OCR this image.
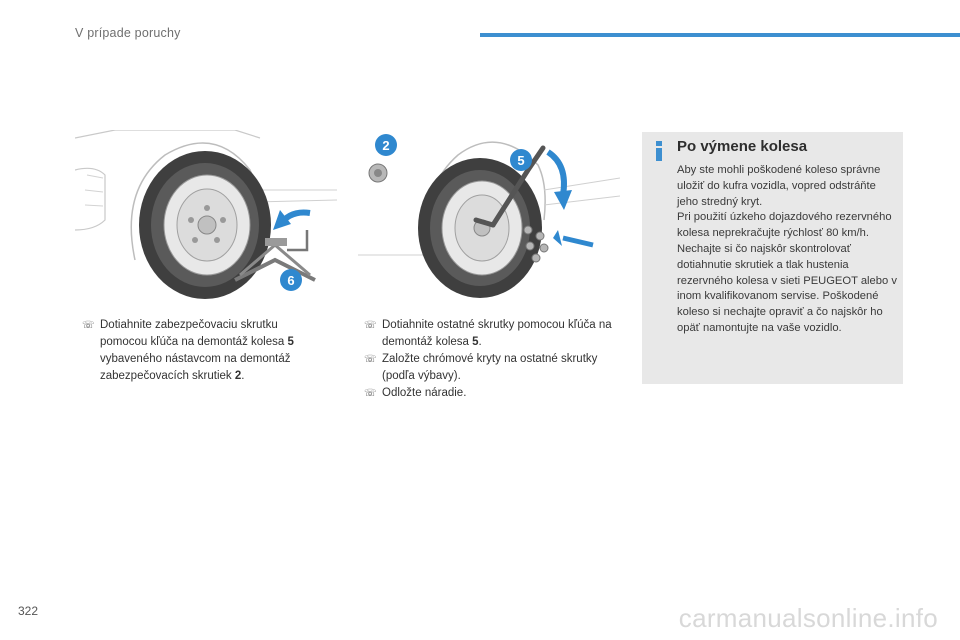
V prípade poruchy
6
2
5
☏ Dotiahnite zabezpečovaciu skrutku pomocou kľúča na demontáž kolesa 5 vybaveného nástavcom na demontáž zabezpečovacích skrutiek 2.
☏ Dotiahnite ostatné skrutky pomocou kľúča na demontáž kolesa 5.
☏ Založte chrómové kryty na ostatné skrutky (podľa výbavy).
☏ Odložte náradie.
Po výmene kolesa
Aby ste mohli poškodené koleso správne uložiť do kufra vozidla, vopred odstráňte jeho stredný kryt.
Pri použití úzkeho dojazdového rezervného kolesa neprekračujte rýchlosť 80 km/h.
Nechajte si čo najskôr skontrolovať dotiahnutie skrutiek a tlak hustenia rezervného kolesa v sieti PEUGEOT alebo v inom kvalifikovanom servise. Poškodené koleso si nechajte opraviť a čo najskôr ho opäť namontujte na vaše vozidlo.
322	carmanualsonline.info
